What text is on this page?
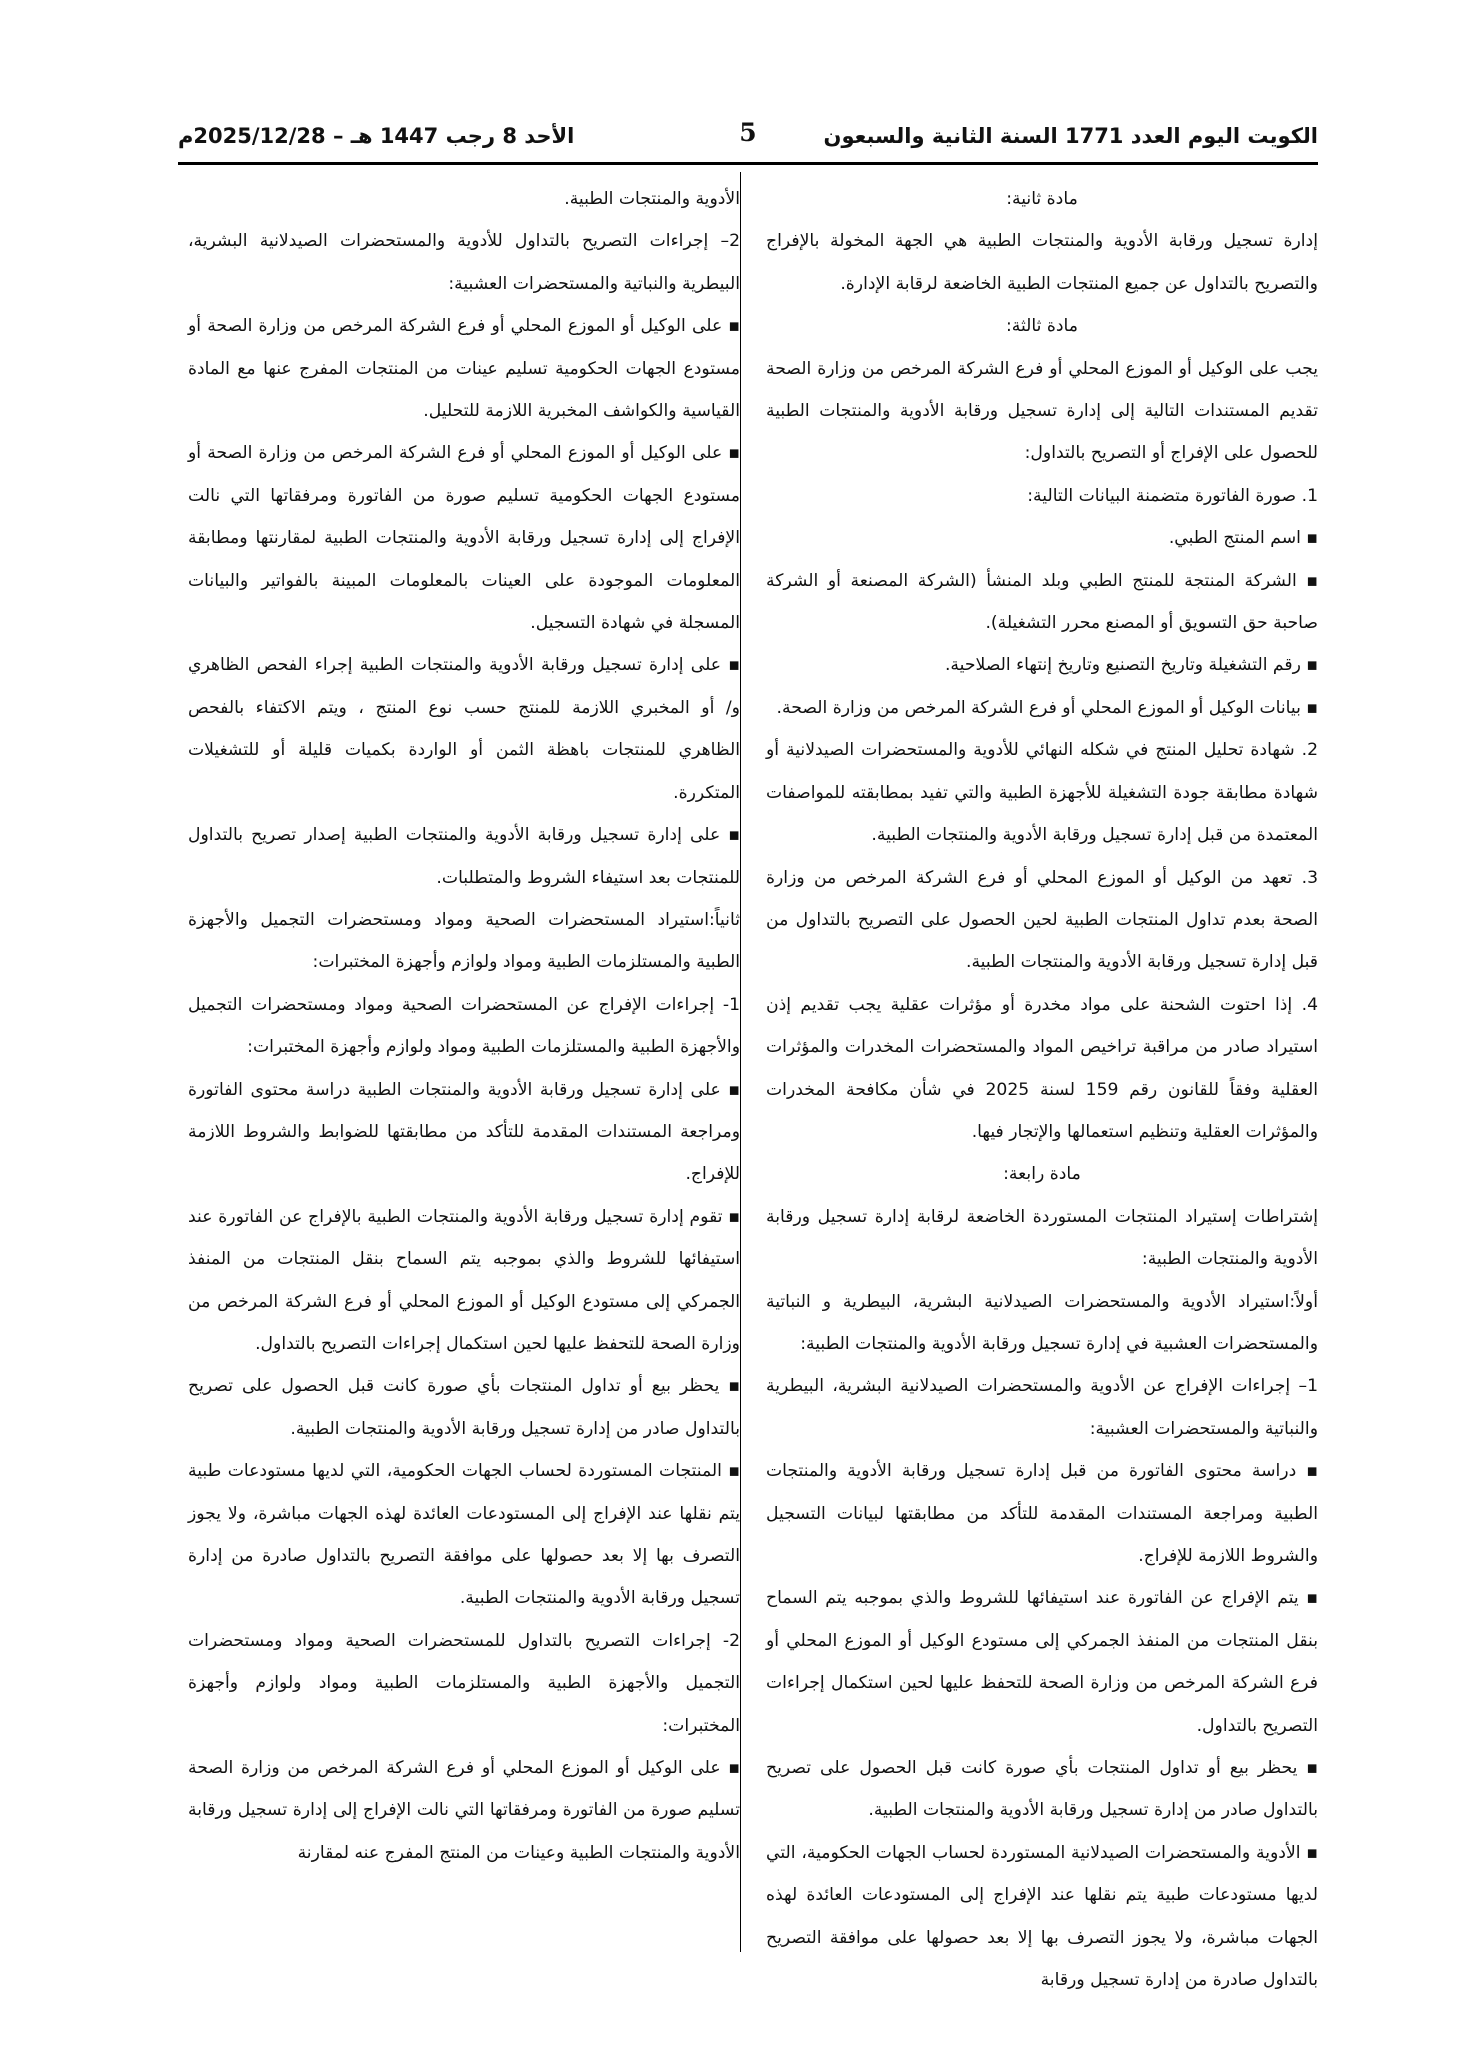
الكويت اليوم العدد 1771 السنة الثانية والسبعون
5
الأحد 8 رجب 1447 هـ – 2025/12/28م

مادة ثانية:

إدارة تسجيل ورقابة الأدوية والمنتجات الطبية هي الجهة المخولة بالإفراج والتصريح بالتداول عن جميع المنتجات الطبية الخاضعة لرقابة الإدارة.

مادة ثالثة:

يجب على الوكيل أو الموزع المحلي أو فرع الشركة المرخص من وزارة الصحة تقديم المستندات التالية إلى إدارة تسجيل ورقابة الأدوية والمنتجات الطبية للحصول على الإفراج أو التصريح بالتداول:

1. صورة الفاتورة متضمنة البيانات التالية:

▪ اسم المنتج الطبي.

▪ الشركة المنتجة للمنتج الطبي وبلد المنشأ (الشركة المصنعة أو الشركة صاحبة حق التسويق أو المصنع محرر التشغيلة).

▪ رقم التشغيلة وتاريخ التصنيع وتاريخ إنتهاء الصلاحية.

▪ بيانات الوكيل أو الموزع المحلي أو فرع الشركة المرخص من وزارة الصحة.

2. شهادة تحليل المنتج في شكله النهائي للأدوية والمستحضرات الصيدلانية أو شهادة مطابقة جودة التشغيلة للأجهزة الطبية والتي تفيد بمطابقته للمواصفات المعتمدة من قبل إدارة تسجيل ورقابة الأدوية والمنتجات الطبية.

3. تعهد من الوكيل أو الموزع المحلي أو فرع الشركة المرخص من وزارة الصحة بعدم تداول المنتجات الطبية لحين الحصول على التصريح بالتداول من قبل إدارة تسجيل ورقابة الأدوية والمنتجات الطبية.

4. إذا احتوت الشحنة على مواد مخدرة أو مؤثرات عقلية يجب تقديم إذن استيراد صادر من مراقبة تراخيص المواد والمستحضرات المخدرات والمؤثرات العقلية وفقاً للقانون رقم 159 لسنة 2025 في شأن مكافحة المخدرات والمؤثرات العقلية وتنظيم استعمالها والإتجار فيها.

مادة رابعة:

إشتراطات إستيراد المنتجات المستوردة الخاضعة لرقابة إدارة تسجيل ورقابة الأدوية والمنتجات الطبية:

أولاً:استيراد الأدوية والمستحضرات الصيدلانية البشرية، البيطرية و النباتية والمستحضرات العشبية في إدارة تسجيل ورقابة الأدوية والمنتجات الطبية:

1– إجراءات الإفراج عن الأدوية والمستحضرات الصيدلانية البشرية، البيطرية والنباتية والمستحضرات العشبية:

▪ دراسة محتوى الفاتورة من قبل إدارة تسجيل ورقابة الأدوية والمنتجات الطبية ومراجعة المستندات المقدمة للتأكد من مطابقتها لبيانات التسجيل والشروط اللازمة للإفراج.

▪ يتم الإفراج عن الفاتورة عند استيفائها للشروط والذي بموجبه يتم السماح بنقل المنتجات من المنفذ الجمركي إلى مستودع الوكيل أو الموزع المحلي أو فرع الشركة المرخص من وزارة الصحة للتحفظ عليها لحين استكمال إجراءات التصريح بالتداول.

▪ يحظر بيع أو تداول المنتجات بأي صورة كانت قبل الحصول على تصريح بالتداول صادر من إدارة تسجيل ورقابة الأدوية والمنتجات الطبية.

▪ الأدوية والمستحضرات الصيدلانية المستوردة لحساب الجهات الحكومية، التي لديها مستودعات طبية يتم نقلها عند الإفراج إلى المستودعات العائدة لهذه الجهات مباشرة، ولا يجوز التصرف بها إلا بعد حصولها على موافقة التصريح بالتداول صادرة من إدارة تسجيل ورقابة

الأدوية والمنتجات الطبية.

2– إجراءات التصريح بالتداول للأدوية والمستحضرات الصيدلانية البشرية، البيطرية والنباتية والمستحضرات العشبية:

▪ على الوكيل أو الموزع المحلي أو فرع الشركة المرخص من وزارة الصحة أو مستودع الجهات الحكومية تسليم عينات من المنتجات المفرج عنها مع المادة القياسية والكواشف المخبرية اللازمة للتحليل.

▪ على الوكيل أو الموزع المحلي أو فرع الشركة المرخص من وزارة الصحة أو مستودع الجهات الحكومية تسليم صورة من الفاتورة ومرفقاتها التي نالت الإفراج إلى إدارة تسجيل ورقابة الأدوية والمنتجات الطبية لمقارنتها ومطابقة المعلومات الموجودة على العينات بالمعلومات المبينة بالفواتير والبيانات المسجلة في شهادة التسجيل.

▪ على إدارة تسجيل ورقابة الأدوية والمنتجات الطبية إجراء الفحص الظاهري و/ أو المخبري اللازمة للمنتج حسب نوع المنتج ، ويتم الاكتفاء بالفحص الظاهري للمنتجات باهظة الثمن أو الواردة بكميات قليلة أو للتشغيلات المتكررة.

▪ على إدارة تسجيل ورقابة الأدوية والمنتجات الطبية إصدار تصريح بالتداول للمنتجات بعد استيفاء الشروط والمتطلبات.

ثانياً:استيراد المستحضرات الصحية ومواد ومستحضرات التجميل والأجهزة الطبية والمستلزمات الطبية ومواد ولوازم وأجهزة المختبرات:

1- إجراءات الإفراج عن المستحضرات الصحية ومواد ومستحضرات التجميل والأجهزة الطبية والمستلزمات الطبية ومواد ولوازم وأجهزة المختبرات:

▪ على إدارة تسجيل ورقابة الأدوية والمنتجات الطبية دراسة محتوى الفاتورة ومراجعة المستندات المقدمة للتأكد من مطابقتها للضوابط والشروط اللازمة للإفراج.

▪ تقوم إدارة تسجيل ورقابة الأدوية والمنتجات الطبية بالإفراج عن الفاتورة عند استيفائها للشروط والذي بموجبه يتم السماح بنقل المنتجات من المنفذ الجمركي إلى مستودع الوكيل أو الموزع المحلي أو فرع الشركة المرخص من وزارة الصحة للتحفظ عليها لحين استكمال إجراءات التصريح بالتداول.

▪ يحظر بيع أو تداول المنتجات بأي صورة كانت قبل الحصول على تصريح بالتداول صادر من إدارة تسجيل ورقابة الأدوية والمنتجات الطبية.

▪ المنتجات المستوردة لحساب الجهات الحكومية، التي لديها مستودعات طبية يتم نقلها عند الإفراج إلى المستودعات العائدة لهذه الجهات مباشرة، ولا يجوز التصرف بها إلا بعد حصولها على موافقة التصريح بالتداول صادرة من إدارة تسجيل ورقابة الأدوية والمنتجات الطبية.

2- إجراءات التصريح بالتداول للمستحضرات الصحية ومواد ومستحضرات التجميل والأجهزة الطبية والمستلزمات الطبية ومواد ولوازم وأجهزة المختبرات:

▪ على الوكيل أو الموزع المحلي أو فرع الشركة المرخص من وزارة الصحة تسليم صورة من الفاتورة ومرفقاتها التي نالت الإفراج إلى إدارة تسجيل ورقابة الأدوية والمنتجات الطبية وعينات من المنتج المفرج عنه لمقارنة
